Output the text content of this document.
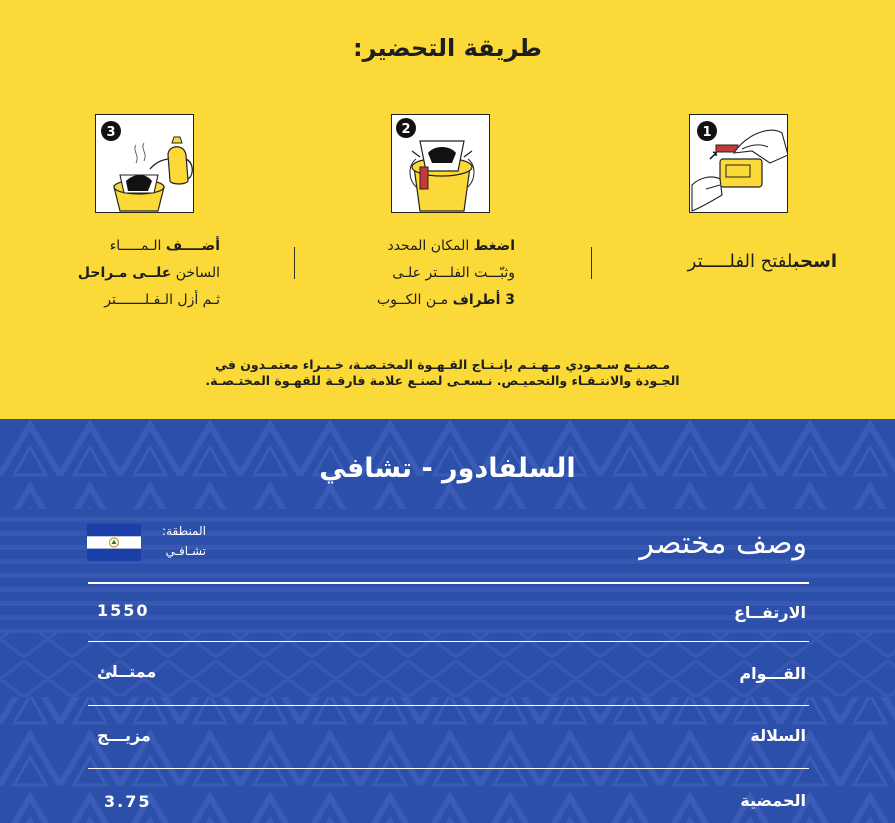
طريقة التحضير:
1
2
3
اسحبلفتح الفلـــــتر
اضغط المكان المحدد
وثبّـــت الفلـــتر علـى
3 أطراف مـن الكــوب
أضــــف الـمـــــاء
الساخن علــى مـراحل
ثـم أزل الـفـلـــــــتر
مـصـنـع سـعـودي مـهـتـم بإنـتـاج القـهـوة المختـصـة، خـبـراء معتمـدون في
الجـودة والانتـقـاء والتحميـص. نـسعـى لصنـع علامة فارقـة للقهـوة المختـصـة.
السلفادور - تشافي
وصف مختصر
المنطقة:
تشـافـي
الارتفــاع
1550
القـــوام
ممتــلئ
السلالة
مزيـــج
الحمضية
3.75
